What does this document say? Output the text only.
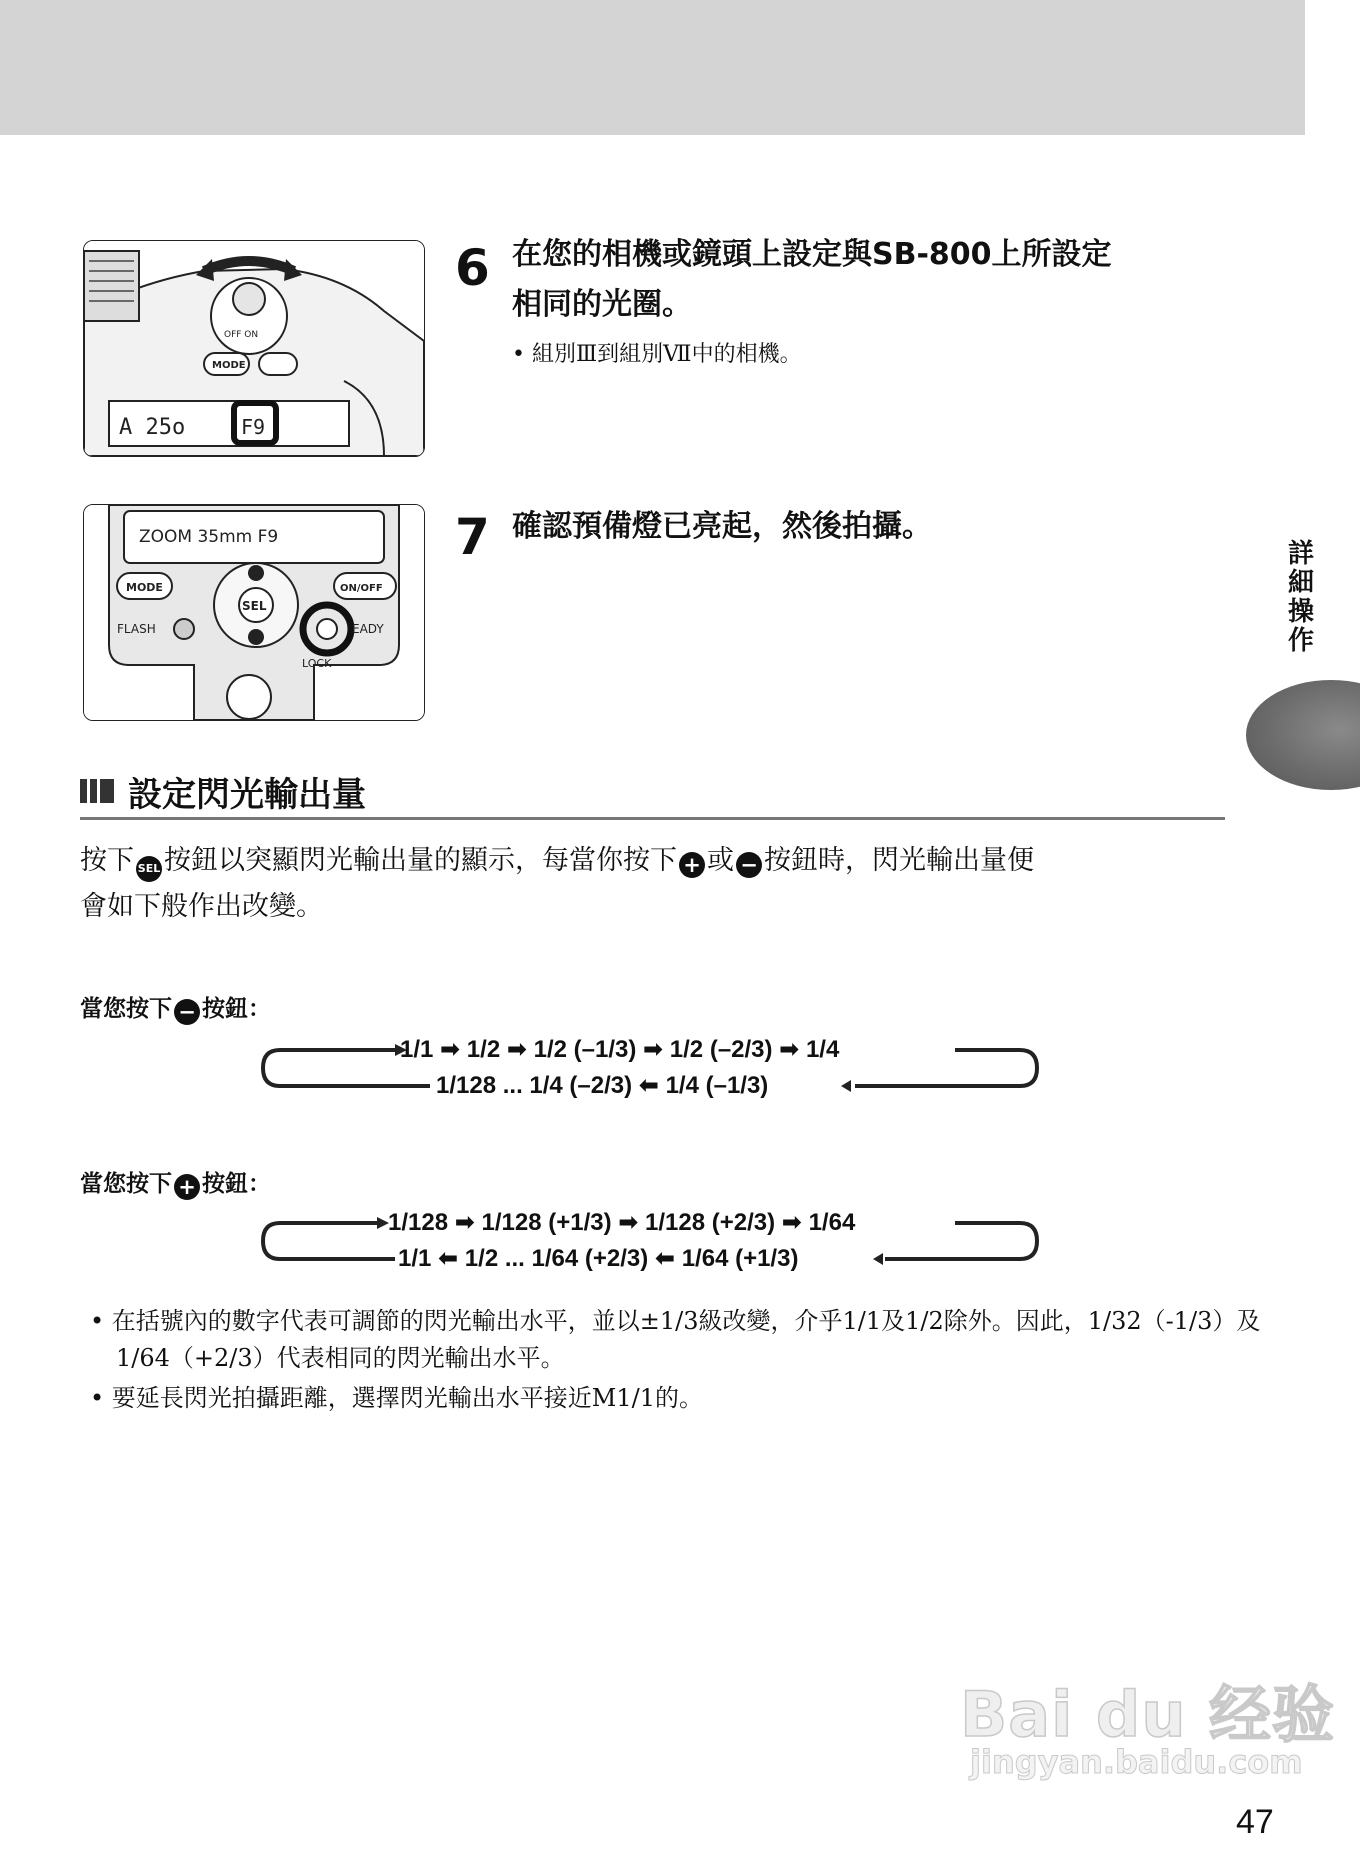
OFF ON
MODE
A 25o	F9
6 在您的相機或鏡頭上設定與SB-800上所設定
相同的光圈。
• 組別Ⅲ到組別Ⅶ中的相機。
ZOOM 35mm F9
MODE	ON/OFF
SEL
FLASH	EADY
LOCK
7 確認預備燈已亮起，然後拍攝。
詳
細
操
作
設定閃光輸出量
按下 SEL 按鈕以突顯閃光輸出量的顯示，每當你按下 + 或 − 按鈕時，閃光輸出量便
會如下般作出改變。
當您按下 − 按鈕：
1/1 ➡ 1/2 ➡ 1/2 (–1/3) ➡ 1/2 (–2/3) ➡ 1/4
1/128 ... 1/4 (–2/3) ⬅ 1/4 (–1/3)
當您按下 + 按鈕：
1/128 ➡ 1/128 (+1/3) ➡ 1/128 (+2/3) ➡ 1/64
1/1 ⬅ 1/2 ... 1/64 (+2/3) ⬅ 1/64 (+1/3)
• 在括號內的數字代表可調節的閃光輸出水平，並以±1/3級改變，介乎1/1及1/2除外。因此，1/32（-1/3）及1/64（+2/3）代表相同的閃光輸出水平。
• 要延長閃光拍攝距離，選擇閃光輸出水平接近M1/1的。
Bai du 经验
jingyan.baidu.com
47
